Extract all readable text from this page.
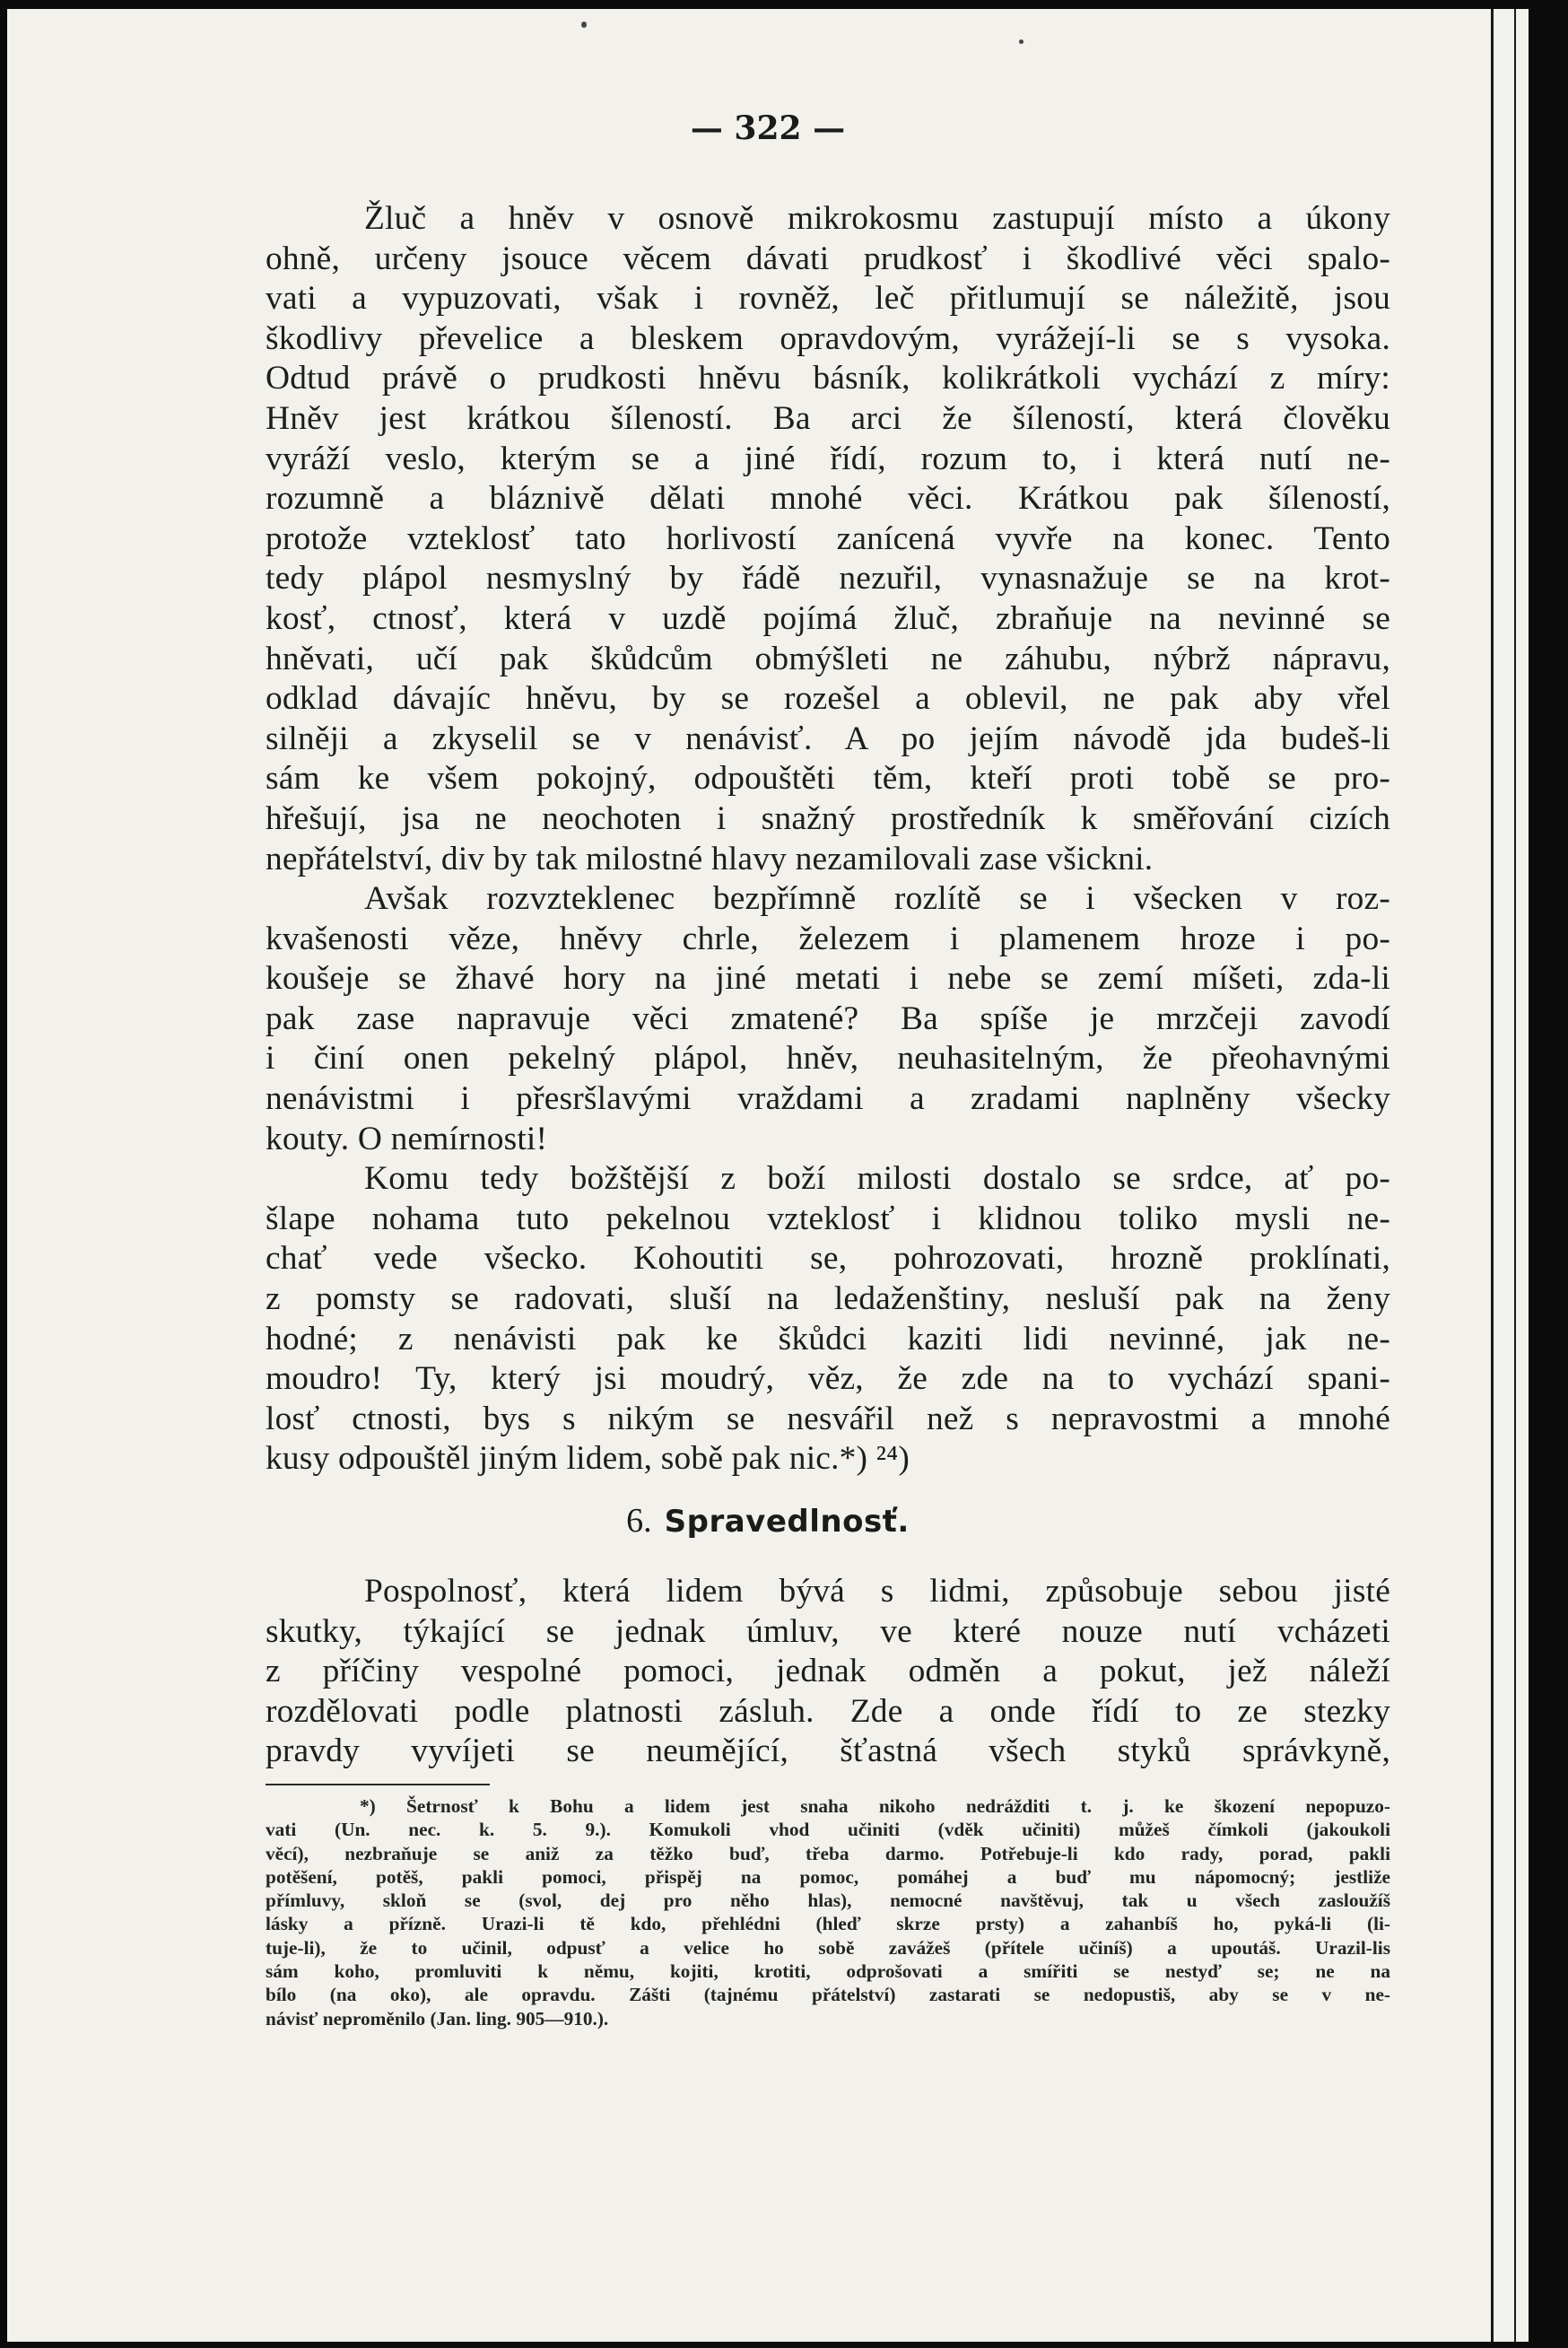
— 322 —
Žluč a hněv v osnově mikrokosmu zastupují místo a úkony
ohně, určeny jsouce věcem dávati prudkosť i škodlivé věci spalo-
vati a vypuzovati, však i rovněž, leč přitlumují se náležitě, jsou
škodlivy převelice a bleskem opravdovým, vyrážejí-li se s vysoka.
Odtud právě o prudkosti hněvu básník, kolikrátkoli vychází z míry:
Hněv jest krátkou šíleností. Ba arci že šíleností, která člověku
vyráží veslo, kterým se a jiné řídí, rozum to, i která nutí ne-
rozumně a bláznivě dělati mnohé věci. Krátkou pak šíleností,
protože vzteklosť tato horlivostí zanícená vyvře na konec. Tento
tedy plápol nesmyslný by řádě nezuřil, vynasnažuje se na krot-
kosť, ctnosť, která v uzdě pojímá žluč, zbraňuje na nevinné se
hněvati, učí pak škůdcům obmýšleti ne záhubu, nýbrž nápravu,
odklad dávajíc hněvu, by se rozešel a oblevil, ne pak aby vřel
silněji a zkyselil se v nenávisť. A po jejím návodě jda budeš-li
sám ke všem pokojný, odpouštěti těm, kteří proti tobě se pro-
hřešují, jsa ne neochoten i snažný prostředník k směřování cizích
nepřátelství, div by tak milostné hlavy nezamilovali zase všickni.
Avšak rozvzteklenec bezpřímně rozlítě se i všecken v roz-
kvašenosti věze, hněvy chrle, železem i plamenem hroze i po-
koušeje se žhavé hory na jiné metati i nebe se zemí míšeti, zda-li
pak zase napravuje věci zmatené? Ba spíše je mrzčeji zavodí
i činí onen pekelný plápol, hněv, neuhasitelným, že přeohavnými
nenávistmi i přesršlavými vraždami a zradami naplněny všecky
kouty. O nemírnosti!
Komu tedy božštější z boží milosti dostalo se srdce, ať po-
šlape nohama tuto pekelnou vzteklosť i klidnou toliko mysli ne-
chať vede všecko. Kohoutiti se, pohrozovati, hrozně proklínati,
z pomsty se radovati, sluší na ledaženštiny, nesluší pak na ženy
hodné; z nenávisti pak ke škůdci kaziti lidi nevinné, jak ne-
moudro! Ty, který jsi moudrý, věz, že zde na to vychází spani-
losť ctnosti, bys s nikým se nesvářil než s nepravostmi a mnohé
kusy odpouštěl jiným lidem, sobě pak nic.*) ²⁴)
6. Spravedlnosť.
Pospolnosť, která lidem bývá s lidmi, způsobuje sebou jisté
skutky, týkající se jednak úmluv, ve které nouze nutí vcházeti
z příčiny vespolné pomoci, jednak odměn a pokut, jež náleží
rozdělovati podle platnosti zásluh. Zde a onde řídí to ze stezky
pravdy vyvíjeti se neumějící, šťastná všech styků správkyně,
*) Šetrnosť k Bohu a lidem jest snaha nikoho nedrážditi t. j. ke škození nepopuzo-
vati (Un. nec. k. 5. 9.). Komukoli vhod učiniti (vděk učiniti) můžeš čímkoli (jakoukoli
věcí), nezbraňuje se aniž za těžko buď, třeba darmo. Potřebuje-li kdo rady, porad, pakli
potěšení, potěš, pakli pomoci, přispěj na pomoc, pomáhej a buď mu nápomocný; jestliže
přímluvy, skloň se (svol, dej pro něho hlas), nemocné navštěvuj, tak u všech zasloužíš
lásky a přízně. Urazi-li tě kdo, přehlédni (hleď skrze prsty) a zahanbíš ho, pyká-li (li-
tuje-li), že to učinil, odpusť a velice ho sobě zavážeš (přítele učiníš) a upoutáš. Urazil-lis
sám koho, promluviti k němu, kojiti, krotiti, odprošovati a smířiti se nestyď se; ne na
bílo (na oko), ale opravdu. Zášti (tajnému přátelství) zastarati se nedopustiš, aby se v ne-
návisť neproměnilo (Jan. ling. 905—910.).
